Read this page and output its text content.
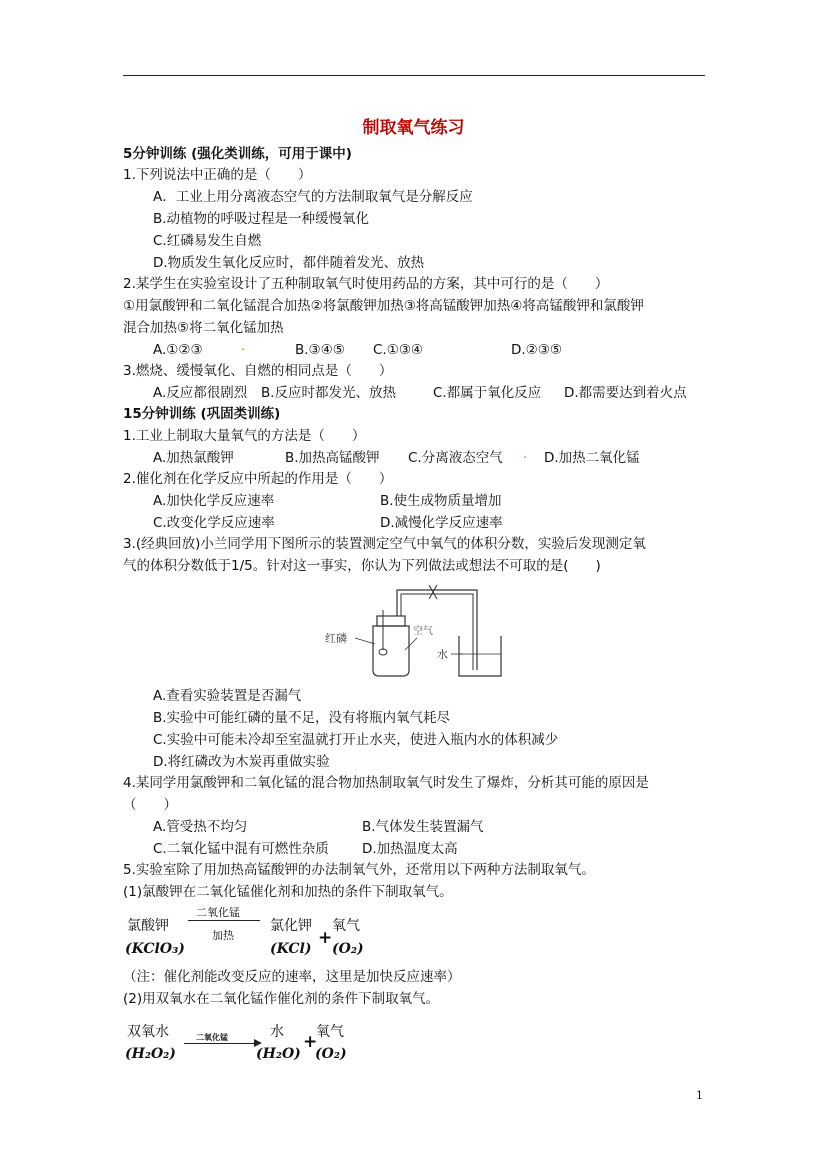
制取氧气练习
5分钟训练 (强化类训练，可用于课中)
1.下列说法中正确的是（　　）
A．工业上用分离液态空气的方法制取氧气是分解反应
B.动植物的呼吸过程是一种缓慢氧化
C.红磷易发生自燃
D.物质发生氧化反应时，都伴随着发光、放热
2.某学生在实验室设计了五种制取氧气时使用药品的方案，其中可行的是（　　）
①用氯酸钾和二氧化锰混合加热②将氯酸钾加热③将高锰酸钾加热④将高锰酸钾和氯酸钾
混合加热⑤将二氧化锰加热
A.①②③	.	B.③④⑤ C.①③④	D.②③⑤
3.燃烧、缓慢氧化、自燃的相同点是（　　）
A.反应都很剧烈 B.反应时都发光、放热	C.都属于氧化反应 D.都需要达到着火点
15分钟训练 (巩固类训练)
1.工业上制取大量氧气的方法是（　　）
A.加热氯酸钾	B.加热高锰酸钾 C.分离液态空气 . D.加热二氧化锰
2.催化剂在化学反应中所起的作用是（　　）
A.加快化学反应速率	B.使生成物质量增加
C.改变化学反应速率	D.减慢化学反应速率
3.(经典回放)小兰同学用下图所示的装置测定空气中氧气的体积分数，实验后发现测定氧
气的体积分数低于1/5。针对这一事实，你认为下列做法或想法不可取的是(　　)
红磷
空气
水
A.查看实验装置是否漏气
B.实验中可能红磷的量不足，没有将瓶内氧气耗尽
C.实验中可能未冷却至室温就打开止水夹，使进入瓶内水的体积减少
D.将红磷改为木炭再重做实验
4.某同学用氯酸钾和二氧化锰的混合物加热制取氧气时发生了爆炸，分析其可能的原因是
（　　）
A.管受热不均匀	B.气体发生装置漏气
C.二氧化锰中混有可燃性杂质 D.加热温度太高
5.实验室除了用加热高锰酸钾的办法制氧气外，还常用以下两种方法制取氧气。
(1)氯酸钾在二氧化锰催化剂和加热的条件下制取氧气。
氯酸钾
二氧化锰
加热
氯化钾 氧气
(KClO₃)	(KCl)
+
(O₂)
（注：催化剂能改变反应的速率，这里是加快反应速率）
(2)用双氧水在二氧化锰作催化剂的条件下制取氧气。
双氧水	二氧化锰	水 氧气
(H₂O₂)	(H₂O)
+
(O₂)
1
